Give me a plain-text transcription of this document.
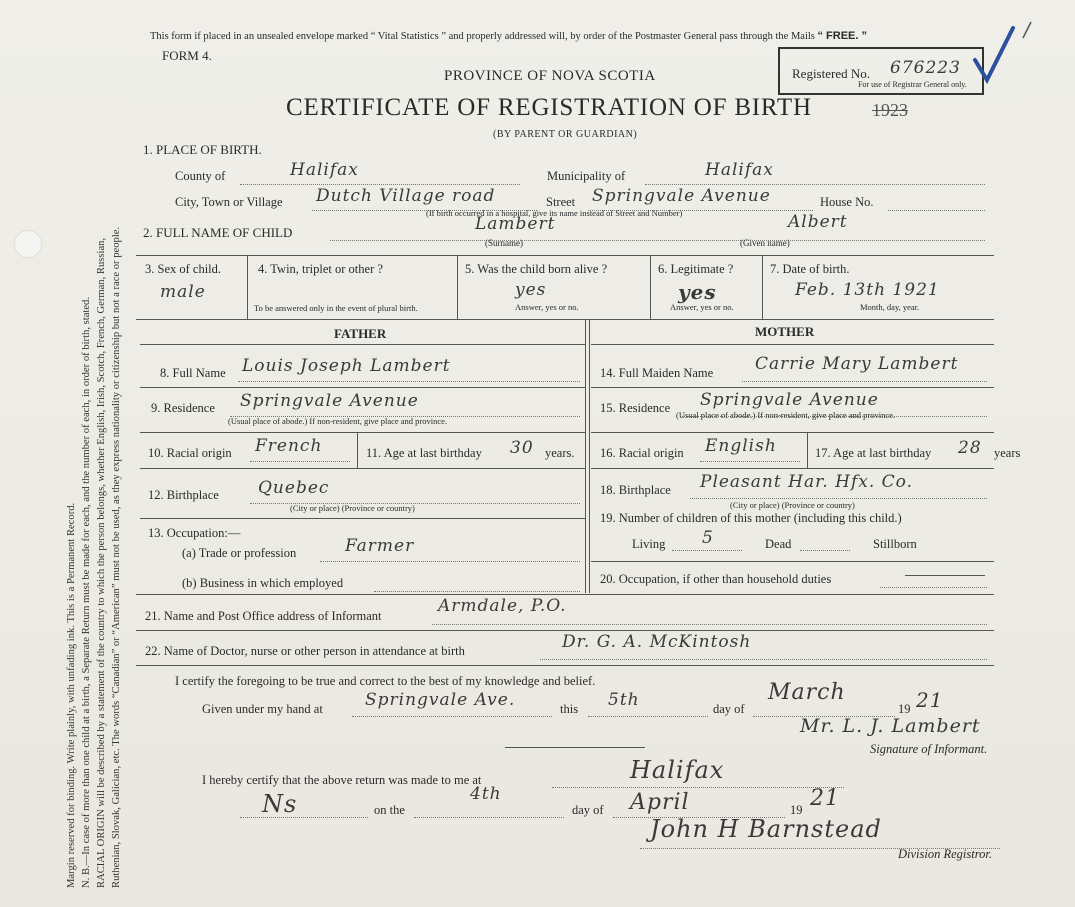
Margin reserved for binding. Write plainly, with unfading ink. This is a Permanent Record. N. B.—In case of more than one child at a birth, a Separate Return must be made for each, and the number of each, in order of birth, stated. RACIAL ORIGIN will be described by a statement of the country to which the person belongs, whether English, Irish, Scotch, French, German, Russian, Ruthenian, Slovak, Galician, etc. The words “Canadian” or “American” must not be used, as they express nationality or citizenship but not a race or people.
This form if placed in an unsealed envelope marked “ Vital Statistics ” and properly addressed will, by order of the Postmaster General pass through the Mails “ FREE. ”
FORM 4.
PROVINCE OF NOVA SCOTIA
CERTIFICATE OF REGISTRATION OF BIRTH	1923
(BY PARENT OR GUARDIAN)
Registered No. 676223
For use of Registrar General only.
1. PLACE OF BIRTH.
County of	Halifax	Municipality of	Halifax
City, Town or Village Dutch Village road	Street Springvale Avenue	House No.
(If birth occurred in a hospital, give its name instead of Street and Number)
2. FULL NAME OF CHILD	Lambert	Albert
(Surname)	(Given name)
3. Sex of child.
male
4. Twin, triplet or other ?
To be answered only in the event of plural birth.
5. Was the child born alive ?
yes
Answer, yes or no.
6. Legitimate ?
yes
Answer, yes or no.
7. Date of birth.
Feb. 13th 1921
Month, day, year.
FATHER	MOTHER
8. Full Name Louis Joseph Lambert
9. Residence Springvale Avenue
(Usual place of abode.) If non-resident, give place and province.
10. Racial origin French	11. Age at last birthday 30 years.
12. Birthplace Quebec
(City or place) (Province or country)
13. Occupation:—
(a) Trade or profession	Farmer
(b) Business in which employed
14. Full Maiden Name Carrie Mary Lambert
15. Residence Springvale Avenue
(Usual place of abode.) If non-resident, give place and province.
16. Racial origin English	17. Age at last birthday 28 years
18. Birthplace Pleasant Har. Hfx. Co.
(City or place) (Province or country)
19. Number of children of this mother (including this child.)
Living 5	Dead	Stillborn
20. Occupation, if other than household duties
21. Name and Post Office address of Informant	Armdale, P.O.
22. Name of Doctor, nurse or other person in attendance at birth	Dr. G. A. McKintosh
I certify the foregoing to be true and correct to the best of my knowledge and belief.
Given under my hand at Springvale Ave.	this 5th	day of
March
19 21
Mr. L. J. Lambert
Signature of Informant.
I hereby certify that the above return was made to me at	Halifax
Ns	on the
4th
day of April	19 21
John H Barnstead
Division Registror.
